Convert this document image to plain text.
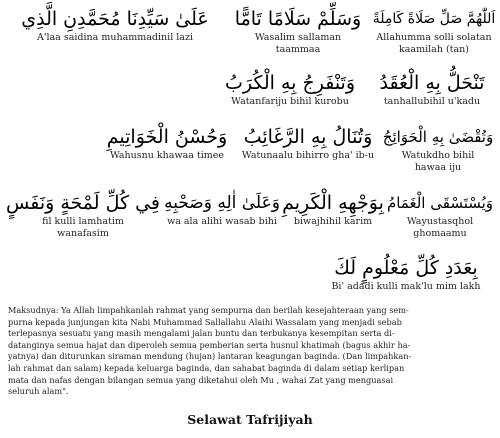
اَللّٰهُمَّ صَلِّ صَلَاةً كَامِلَةً
Allahumma solli solatan
kaamilah (tan)
وَسَلِّمْ سَلَامًا تَامًّا
Wasalim sallaman
taammaa
عَلَىٰ سَيِّدِنَا مُحَمَّدِنِ الَّذِي
A'laa saidina muhammadinil lazi
تَنْحَلُّ بِهِ الْعُقَدُ
tanhallubihil u'kadu
وَتَنْفَرِجُ بِهِ الْكُرَبُ
Watanfariju bihil kurobu
وَتُقْضَىٰ بِهِ الْحَوَائِجُ
Watukdho bihil
hawaa iju
وَتُنَالُ بِهِ الرَّغَائِبُ
Watunaalu bihirro gha' ib-u
وَحُسْنُ الْخَوَاتِيمِ
Wahusnu khawaa timee
وَيُسْتَسْقَى الْغَمَامُ
Wayustasqhol
ghomaamu
بِوَجْهِهِ الْكَرِيمِ
biwajhihil karim
وَعَلَىٰ اٰلِهِ وَصَحْبِهِ
wa ala alihi wasab bihi
فِي كُلِّ لَمْحَةٍ وَنَفَسٍ
fil kulli lamhatim
wanafasim
بِعَدَدِ كُلِّ مَعْلُومٍ لَكَ
Bi' adadi kulli mak'lu mim lakh
Maksudnya: Ya Allah limpahkanlah rahmat yang sempurna dan berilah kesejahteraan yang sem-
purna kepada junjungan kita Nabi Muhammad Sallallahu Alaihi Wassalam yang menjadi sebab
terlepasnya sesuatu yang masih mengalami jalan buntu dan terbukanya kesempitan serta di-
datanginya semua hajat dan diperoleh semua pemberian serta husnul khatimah (bagus akhir ha-
yatnya) dan diturunkan siraman mendung (hujan) lantaran keagungan baginda. (Dan limpahkan-
lah rahmat dan salam) kepada keluarga baginda, dan sahabat baginda di dalam setiap kerlipan
mata dan nafas dengan bilangan semua yang diketahui oleh Mu , wahai Zat yang menguasai
seluruh alam".
Selawat Tafrijiyah
